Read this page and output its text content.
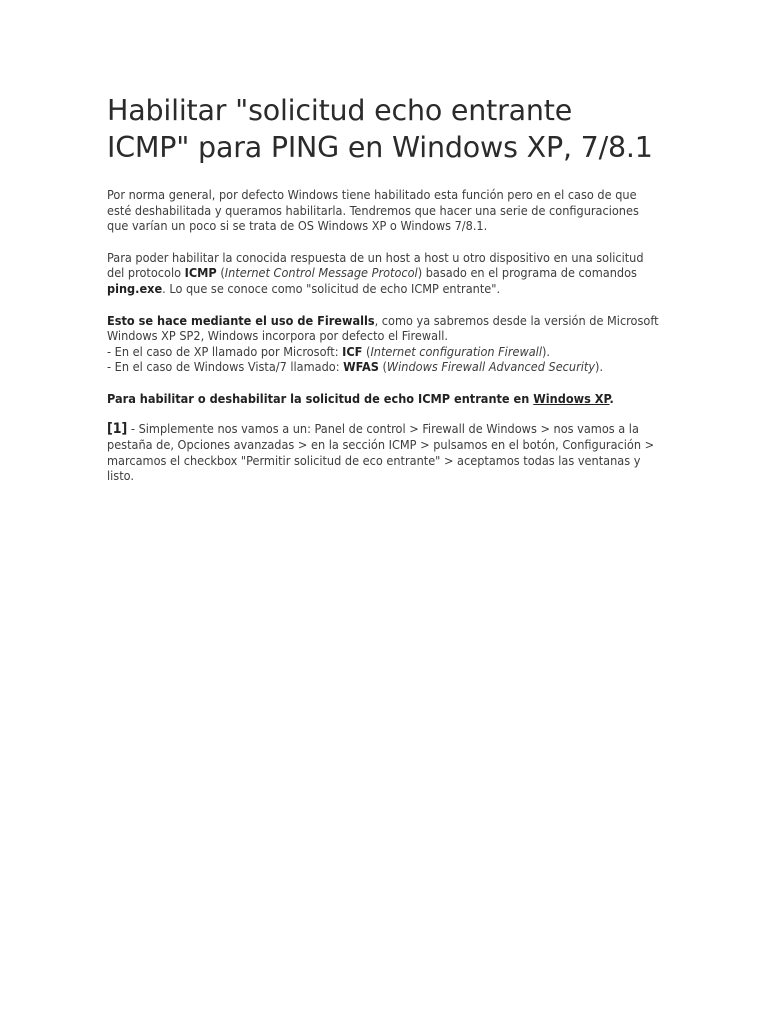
Habilitar "solicitud echo entrante ICMP" para PING en Windows XP, 7/8.1

Por norma general, por defecto Windows tiene habilitado esta función pero en el caso de que esté deshabilitada y queramos habilitarla. Tendremos que hacer una serie de configuraciones que varían un poco si se trata de OS Windows XP o Windows 7/8.1.

Para poder habilitar la conocida respuesta de un host a host u otro dispositivo en una solicitud del protocolo ICMP (Internet Control Message Protocol) basado en el programa de comandos ping.exe. Lo que se conoce como "solicitud de echo ICMP entrante".

Esto se hace mediante el uso de Firewalls, como ya sabremos desde la versión de Microsoft Windows XP SP2, Windows incorpora por defecto el Firewall.
- En el caso de XP llamado por Microsoft: ICF (Internet configuration Firewall).
- En el caso de Windows Vista/7 llamado: WFAS (Windows Firewall Advanced Security).

Para habilitar o deshabilitar la solicitud de echo ICMP entrante en Windows XP.

[1] - Simplemente nos vamos a un: Panel de control > Firewall de Windows > nos vamos a la pestaña de, Opciones avanzadas > en la sección ICMP > pulsamos en el botón, Configuración > marcamos el checkbox "Permitir solicitud de eco entrante" > aceptamos todas las ventanas y listo.
